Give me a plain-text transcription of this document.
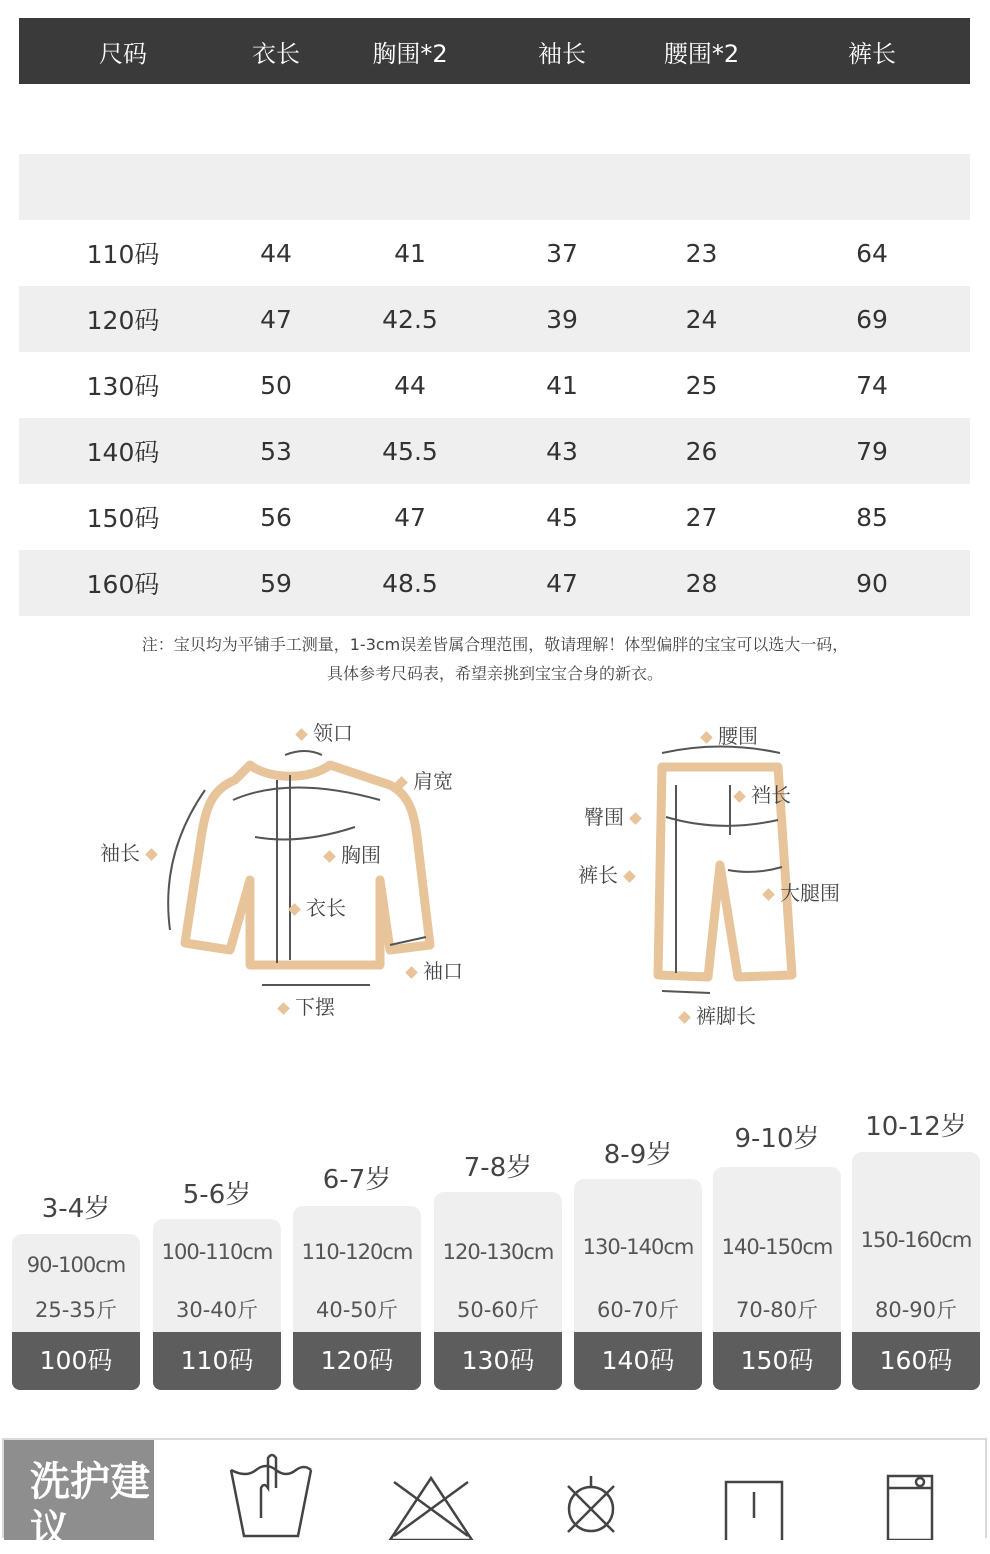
尺码	衣长	胸围*2	袖长	腰围*2	裤长
110码	44	41	37	23	64
120码	47	42.5	39	24	69
130码	50	44	41	25	74
140码	53	45.5	43	26	79
150码	56	47	45	27	85
160码	59	48.5	47	28	90
注：宝贝均为平铺手工测量，1-3cm误差皆属合理范围，敬请理解！体型偏胖的宝宝可以选大一码，
具体参考尺码表，希望亲挑到宝宝合身的新衣。
领口
肩宽
袖长	胸围
衣长
袖口
下摆
腰围
臀围
裆长
裤长
大腿围
裤脚长
3-4岁
90-100cm
25-35斤
100码
5-6岁
100-110cm
30-40斤
110码
6-7岁
110-120cm
40-50斤
120码
7-8岁
120-130cm
50-60斤
130码
8-9岁
130-140cm
60-70斤
140码
9-10岁
140-150cm
70-80斤
150码
10-12岁
150-160cm
80-90斤
160码
洗护建议
